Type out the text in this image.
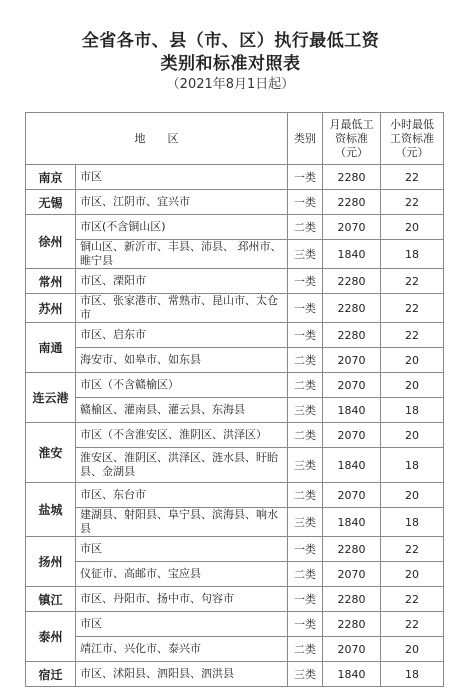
全省各市、县（市、区）执行最低工资
类别和标准对照表
（2021年8月1日起）
地　　区		类别	月最低工资标准（元）	小时最低工资标准（元）
南京	市区	一类	2280	22
无锡	市区、江阴市、宜兴市	一类	2280	22
徐州	市区(不含铜山区)	二类	2070	20
	铜山区、新沂市、丰县、沛县、 邳州市、睢宁县	三类	1840	18
常州	市区、溧阳市	一类	2280	22
苏州	市区、张家港市、常熟市、昆山市、太仓市	一类	2280	22
南通	市区、启东市	一类	2280	22
	海安市、如皋市、如东县	二类	2070	20
连云港	市区（不含赣榆区）	二类	2070	20
	赣榆区、灌南县、灌云县、东海县	三类	1840	18
淮安	市区（不含淮安区、淮阴区、洪泽区）	二类	2070	20
	淮安区、淮阴区、洪泽区、涟水县、盱眙县、金湖县	三类	1840	18
盐城	市区、东台市	二类	2070	20
	建湖县、射阳县、阜宁县、滨海县、响水县	三类	1840	18
扬州	市区	一类	2280	22
	仪征市、高邮市、宝应县	二类	2070	20
镇江	市区、丹阳市、扬中市、句容市	一类	2280	22
泰州	市区	一类	2280	22
	靖江市、兴化市、泰兴市	二类	2070	20
宿迁	市区、沭阳县、泗阳县、泗洪县	三类	1840	18
